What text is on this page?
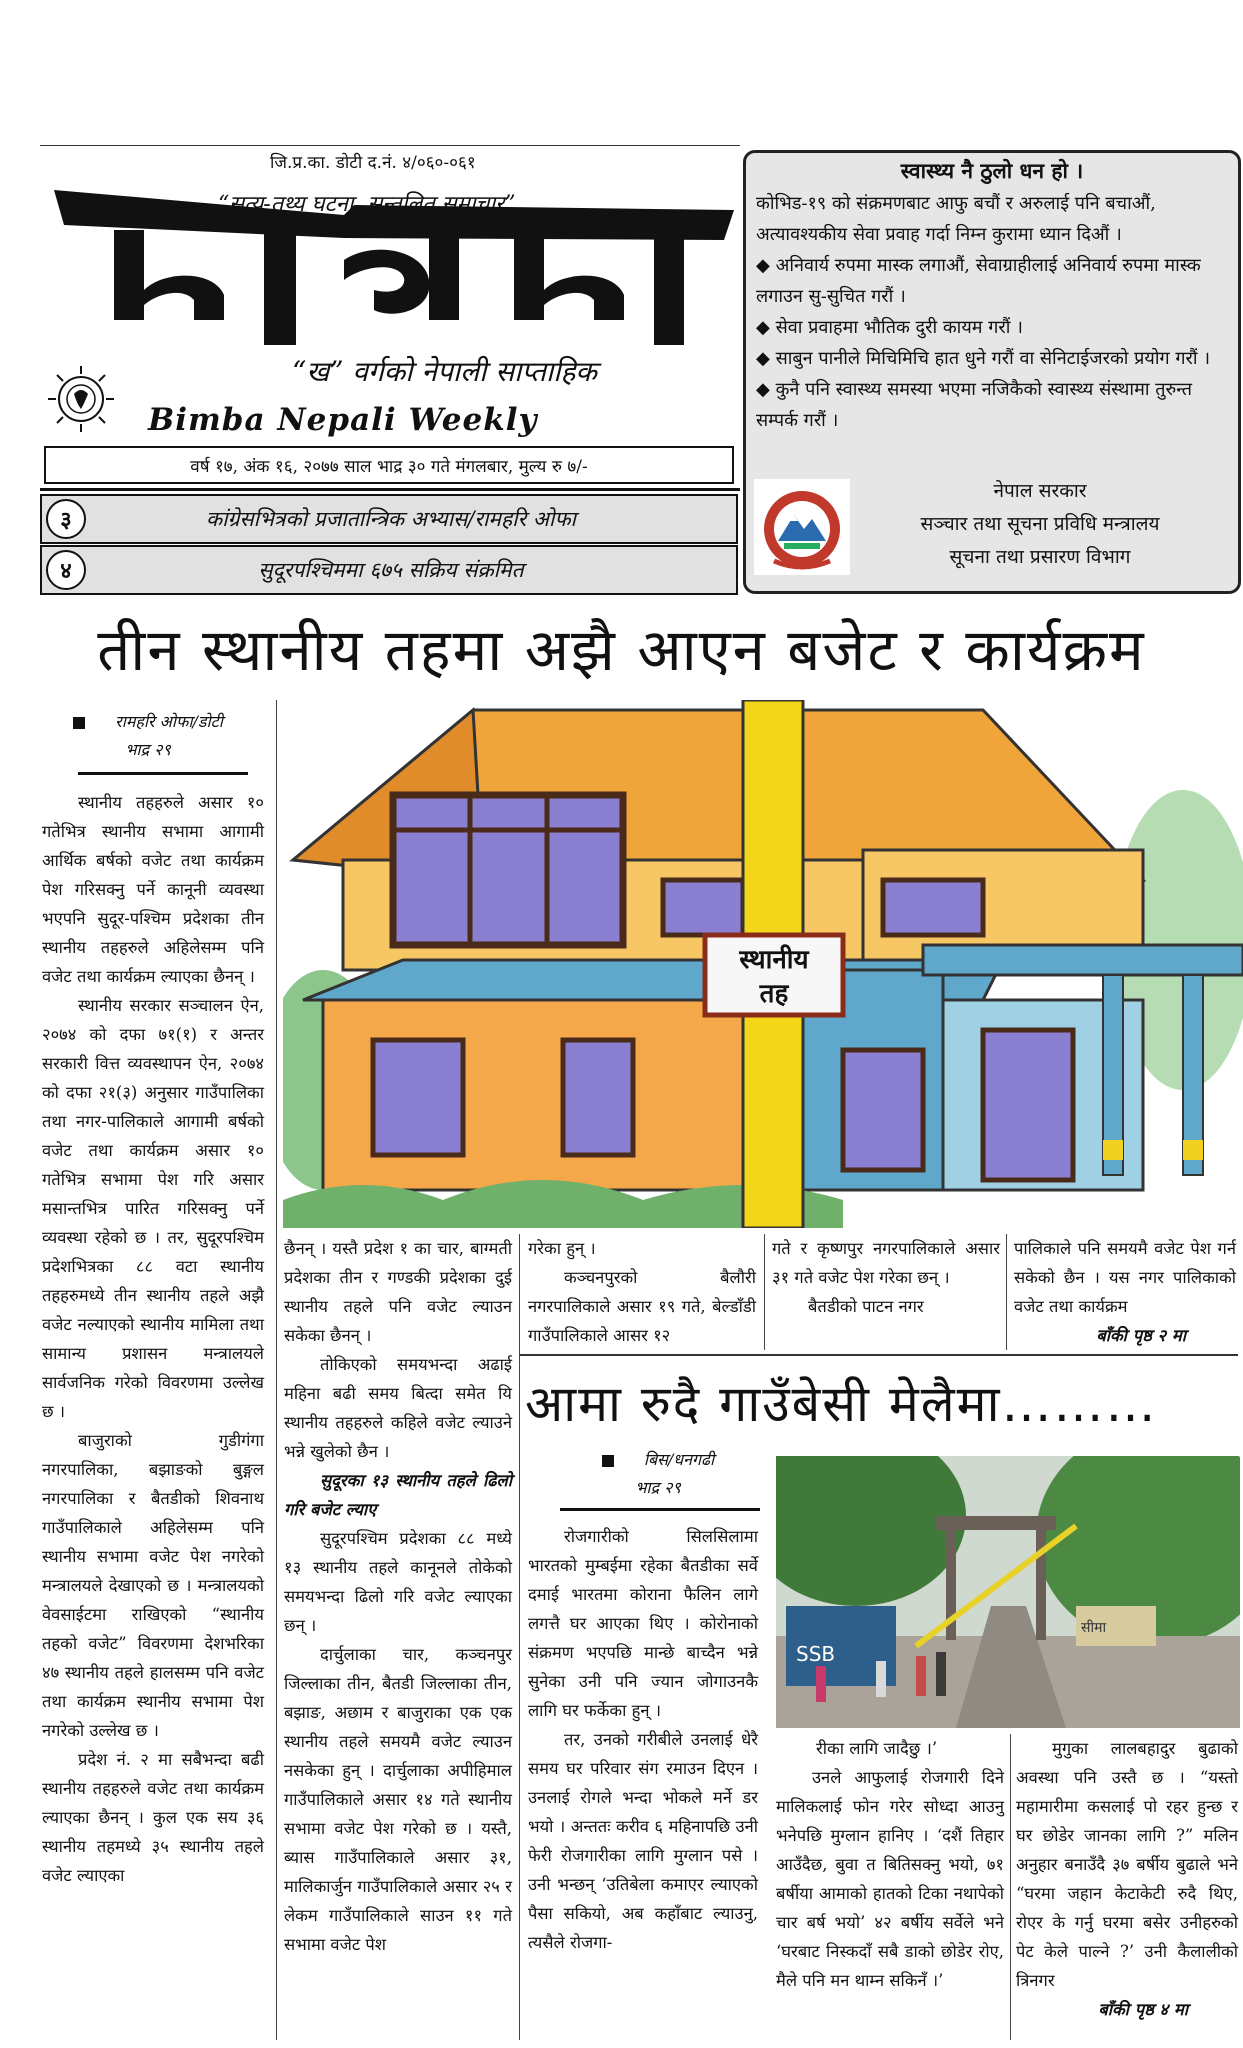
जि.प्र.का. डोटी द.नं. ४/०६०-०६१
“सत्य-तथ्य घटना, सन्तुलित समाचार”
“ख” वर्गको नेपाली साप्ताहिक
Bimba Nepali Weekly
वर्ष १७, अंक १६, २०७७ साल भाद्र ३० गते मंगलबार, मुल्य रु ७/-
३	कांग्रेसभित्रको प्रजातान्त्रिक अभ्यास/रामहरि ओफा
४	सुदूरपश्चिममा ६७५ सक्रिय संक्रमित
स्वास्थ्य नै ठुलो धन हो ।

कोभिड-१९ को संक्रमणबाट आफु बचौं र अरुलाई पनि बचाऔं, अत्यावश्यकीय सेवा प्रवाह गर्दा निम्न कुरामा ध्यान दिऔं ।

◆ अनिवार्य रुपमा मास्क लगाऔं, सेवाग्राहीलाई अनिवार्य रुपमा मास्क लगाउन सु-सुचित गरौं ।

◆ सेवा प्रवाहमा भौतिक दुरी कायम गरौं ।

◆ साबुन पानीले मिचिमिचि हात धुने गरौं वा सेनिटाईजरको प्रयोग गरौं ।

◆ कुनै पनि स्वास्थ्य समस्या भएमा नजिकैको स्वास्थ्य संस्थामा तुरुन्त सम्पर्क गरौं ।

नेपाल सरकार
सञ्चार तथा सूचना प्रविधि मन्त्रालय
सूचना तथा प्रसारण विभाग
तीन स्थानीय तहमा अझै आएन बजेट र कार्यक्रम
रामहरि ओफा/डोटी
भाद्र २९

स्थानीय तहहरुले असार १० गतेभित्र स्थानीय सभामा आगामी आर्थिक बर्षको वजेट तथा कार्यक्रम पेश गरिसक्नु पर्ने कानूनी व्यवस्था भएपनि सुदूर-पश्चिम प्रदेशका तीन स्थानीय तहहरुले अहिलेसम्म पनि वजेट तथा कार्यक्रम ल्याएका छैनन् ।

स्थानीय सरकार सञ्चालन ऐन, २०७४ को दफा ७१(१) र अन्तर सरकारी वित्त व्यवस्थापन ऐन, २०७४ को दफा २१(३) अनुसार गाउँपालिका तथा नगर-पालिकाले आगामी बर्षको वजेट तथा कार्यक्रम असार १० गतेभित्र सभामा पेश गरि असार मसान्तभित्र पारित गरिसक्नु पर्ने व्यवस्था रहेको छ । तर, सुदूरपश्चिम प्रदेशभित्रका ८८ वटा स्थानीय तहहरुमध्ये तीन स्थानीय तहले अझै वजेट नल्याएको स्थानीय मामिला तथा सामान्य प्रशासन मन्त्रालयले सार्वजनिक गरेको विवरणमा उल्लेख छ ।

बाजुराको गुडीगंगा नगरपालिका, बझाङको बुङ्गल नगरपालिका र बैतडीको शिवनाथ गाउँपालिकाले अहिलेसम्म पनि स्थानीय सभामा वजेट पेश नगरेको मन्त्रालयले देखाएको छ । मन्त्रालयको वेवसाईटमा राखिएको “स्थानीय तहको वजेट” विवरणमा देशभरिका ४७ स्थानीय तहले हालसम्म पनि वजेट तथा कार्यक्रम स्थानीय सभामा पेश नगरेको उल्लेख छ ।

प्रदेश नं. २ मा सबैभन्दा बढी स्थानीय तहहरुले वजेट तथा कार्यक्रम ल्याएका छैनन् । कुल एक सय ३६ स्थानीय तहमध्ये ३५ स्थानीय तहले वजेट ल्याएका

स्थानीय
तह

छैनन् । यस्तै प्रदेश १ का चार, बाग्मती प्रदेशका तीन र गण्डकी प्रदेशका दुई स्थानीय तहले पनि वजेट ल्याउन सकेका छैनन् ।

तोकिएको समयभन्दा अढाई महिना बढी समय बित्दा समेत यि स्थानीय तहहरुले कहिले वजेट ल्याउने भन्ने खुलेको छैन ।

सुदूरका १३ स्थानीय तहले ढिलो गरि बजेट ल्याए

सुदूरपश्चिम प्रदेशका ८८ मध्ये १३ स्थानीय तहले कानूनले तोकेको समयभन्दा ढिलो गरि वजेट ल्याएका छन् ।

दार्चुलाका चार, कञ्चनपुर जिल्लाका तीन, बैतडी जिल्लाका तीन, बझाङ, अछाम र बाजुराका एक एक स्थानीय तहले समयमै वजेट ल्याउन नसकेका हुन् । दार्चुलाका अपीहिमाल गाउँपालिकाले असार १४ गते स्थानीय सभामा वजेट पेश गरेको छ । यस्तै, ब्यास गाउँपालिकाले असार ३१, मालिकार्जुन गाउँपालिकाले असार २५ र लेकम गाउँपालिकाले साउन ११ गते सभामा वजेट पेश

गरेका हुन् ।

कञ्चनपुरको बैलौरी नगरपालिकाले असार १९ गते, बेल्डाँडी गाउँपालिकाले आसर १२

गते र कृष्णपुर नगरपालिकाले असार ३१ गते वजेट पेश गरेका छन् ।

बैतडीको पाटन नगर

पालिकाले पनि समयमै वजेट पेश गर्न सकेको छैन । यस नगर पालिकाको वजेट तथा कार्यक्रम

बाँकी पृष्ठ २ मा

आमा रुदै गाउँबेसी मेलैमा………
बिस/धनगढी
भाद्र २९

रोजगारीको सिलसिलामा भारतको मुम्बईमा रहेका बैतडीका सर्वे दमाई भारतमा कोराना फैलिन लागे लगत्तै घर आएका थिए । कोरोनाको संक्रमण भएपछि मान्छे बाच्दैन भन्ने सुनेका उनी पनि ज्यान जोगाउनकै लागि घर फर्केका हुन् ।

तर, उनको गरीबीले उनलाई धेरै समय घर परिवार संग रमाउन दिएन । उनलाई रोगले भन्दा भोकले मर्ने डर भयो । अन्ततः करीव ६ महिनापछि उनी फेरी रोजगारीका लागि मुग्लान पसे । उनी भन्छन् ‘उतिबेला कमाएर ल्याएको पैसा सकियो, अब कहाँबाट ल्याउनु, त्यसैले रोजगा-

SSB
सीमा

रीका लागि जादैछु ।’

उनले आफुलाई रोजगारी दिने मालिकलाई फोन गरेर सोध्दा आउनु भनेपछि मुग्लान हानिए । ‘दशैं तिहार आउँदैछ, बुवा त बितिसक्नु भयो, ७१ बर्षीया आमाको हातको टिका नथापेको चार बर्ष भयो’ ४२ बर्षीय सर्वेले भने ‘घरबाट निस्कदाँ सबै डाको छोडेर रोए, मैले पनि मन थाम्न सकिनँ ।’

मुगुका लालबहादुर बुढाको अवस्था पनि उस्तै छ । “यस्तो महामारीमा कसलाई पो रहर हुन्छ र घर छोडेर जानका लागि ?” मलिन अनुहार बनाउँदै ३७ बर्षीय बुढाले भने “घरमा जहान केटाकेटी रुदै थिए, रोएर के गर्नु घरमा बसेर उनीहरुको पेट केले पाल्ने ?’ उनी कैलालीको त्रिनगर

बाँकी पृष्ठ ४ मा
